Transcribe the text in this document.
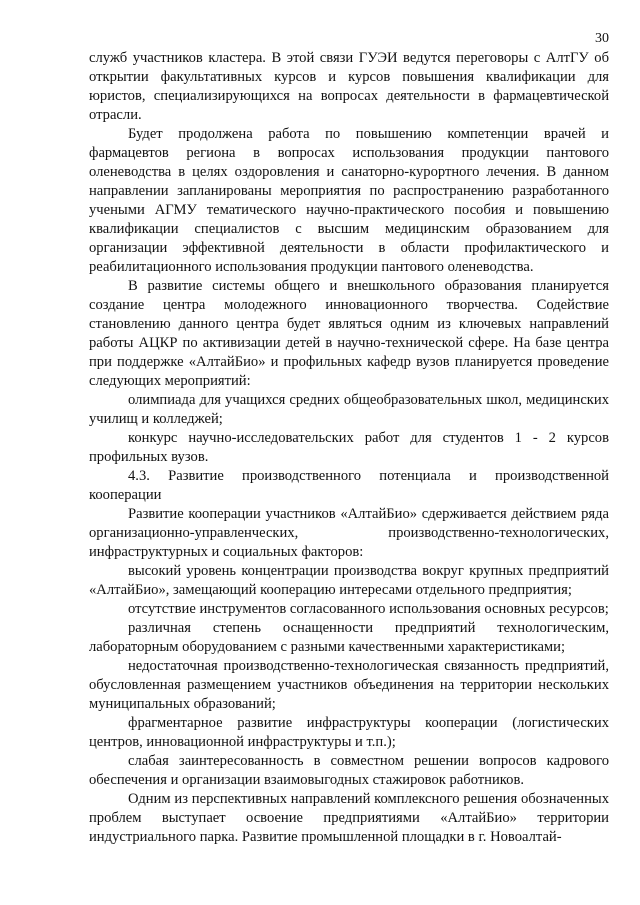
30

служб участников кластера. В этой связи ГУЭИ ведутся переговоры с АлтГУ об открытии факультативных курсов и курсов повышения квалификации для юристов, специализирующихся на вопросах деятельности в фармацевтической отрасли.

Будет продолжена работа по повышению компетенции врачей и фармацевтов региона в вопросах использования продукции пантового оленеводства в целях оздоровления и санаторно-курортного лечения. В данном направлении запланированы мероприятия по распространению разработанного учеными АГМУ тематического научно-практического пособия и повышению квалификации специалистов с высшим медицинским образованием для организации эффективной деятельности в области профилактического и реабилитационного использования продукции пантового оленеводства.

В развитие системы общего и внешкольного образования планируется создание центра молодежного инновационного творчества. Содействие становлению данного центра будет являться одним из ключевых направлений работы АЦКР по активизации детей в научно-технической сфере. На базе центра при поддержке «АлтайБио» и профильных кафедр вузов планируется проведение следующих мероприятий:

олимпиада для учащихся средних общеобразовательных школ, медицинских училищ и колледжей;

конкурс научно-исследовательских работ для студентов 1 - 2 курсов профильных вузов.

4.3. Развитие производственного потенциала и производственной кооперации

Развитие кооперации участников «АлтайБио» сдерживается действием ряда организационно-управленческих, производственно-технологических, инфраструктурных и социальных факторов:

высокий уровень концентрации производства вокруг крупных предприятий «АлтайБио», замещающий кооперацию интересами отдельного предприятия;

отсутствие инструментов согласованного использования основных ресурсов;

различная степень оснащенности предприятий технологическим, лабораторным оборудованием с разными качественными характеристиками;

недостаточная производственно-технологическая связанность предприятий, обусловленная размещением участников объединения на территории нескольких муниципальных образований;

фрагментарное развитие инфраструктуры кооперации (логистических центров, инновационной инфраструктуры и т.п.);

слабая заинтересованность в совместном решении вопросов кадрового обеспечения и организации взаимовыгодных стажировок работников.

Одним из перспективных направлений комплексного решения обозначенных проблем выступает освоение предприятиями «АлтайБио» территории индустриального парка. Развитие промышленной площадки в г. Новоалтай-
